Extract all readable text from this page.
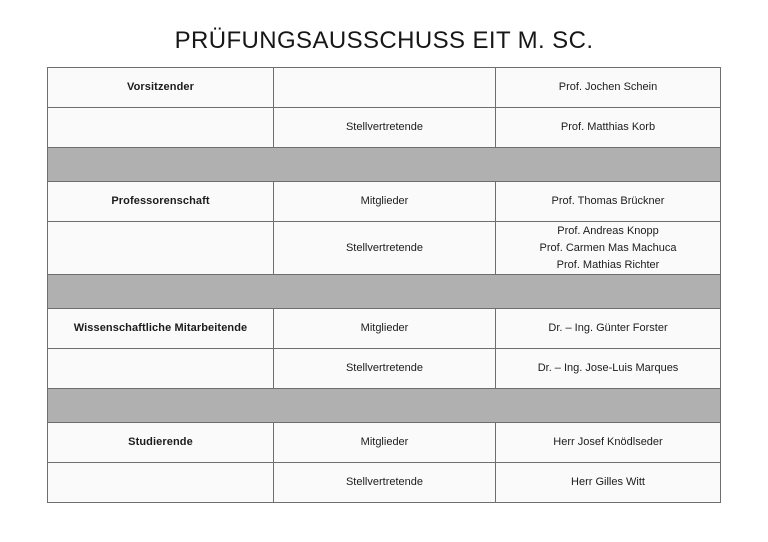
PRÜFUNGSAUSSCHUSS EIT M. SC.
Vorsitzender		Prof. Jochen Schein
	Stellvertretende	Prof. Matthias Korb

Professorenschaft	Mitglieder	Prof. Thomas Brückner
	Stellvertretende	Prof. Andreas Knopp
Prof. Carmen Mas Machuca
Prof. Mathias Richter

Wissenschaftliche Mitarbeitende	Mitglieder	Dr. – Ing. Günter Forster
	Stellvertretende	Dr. – Ing. Jose-Luis Marques

Studierende	Mitglieder	Herr Josef Knödlseder
	Stellvertretende	Herr Gilles Witt
